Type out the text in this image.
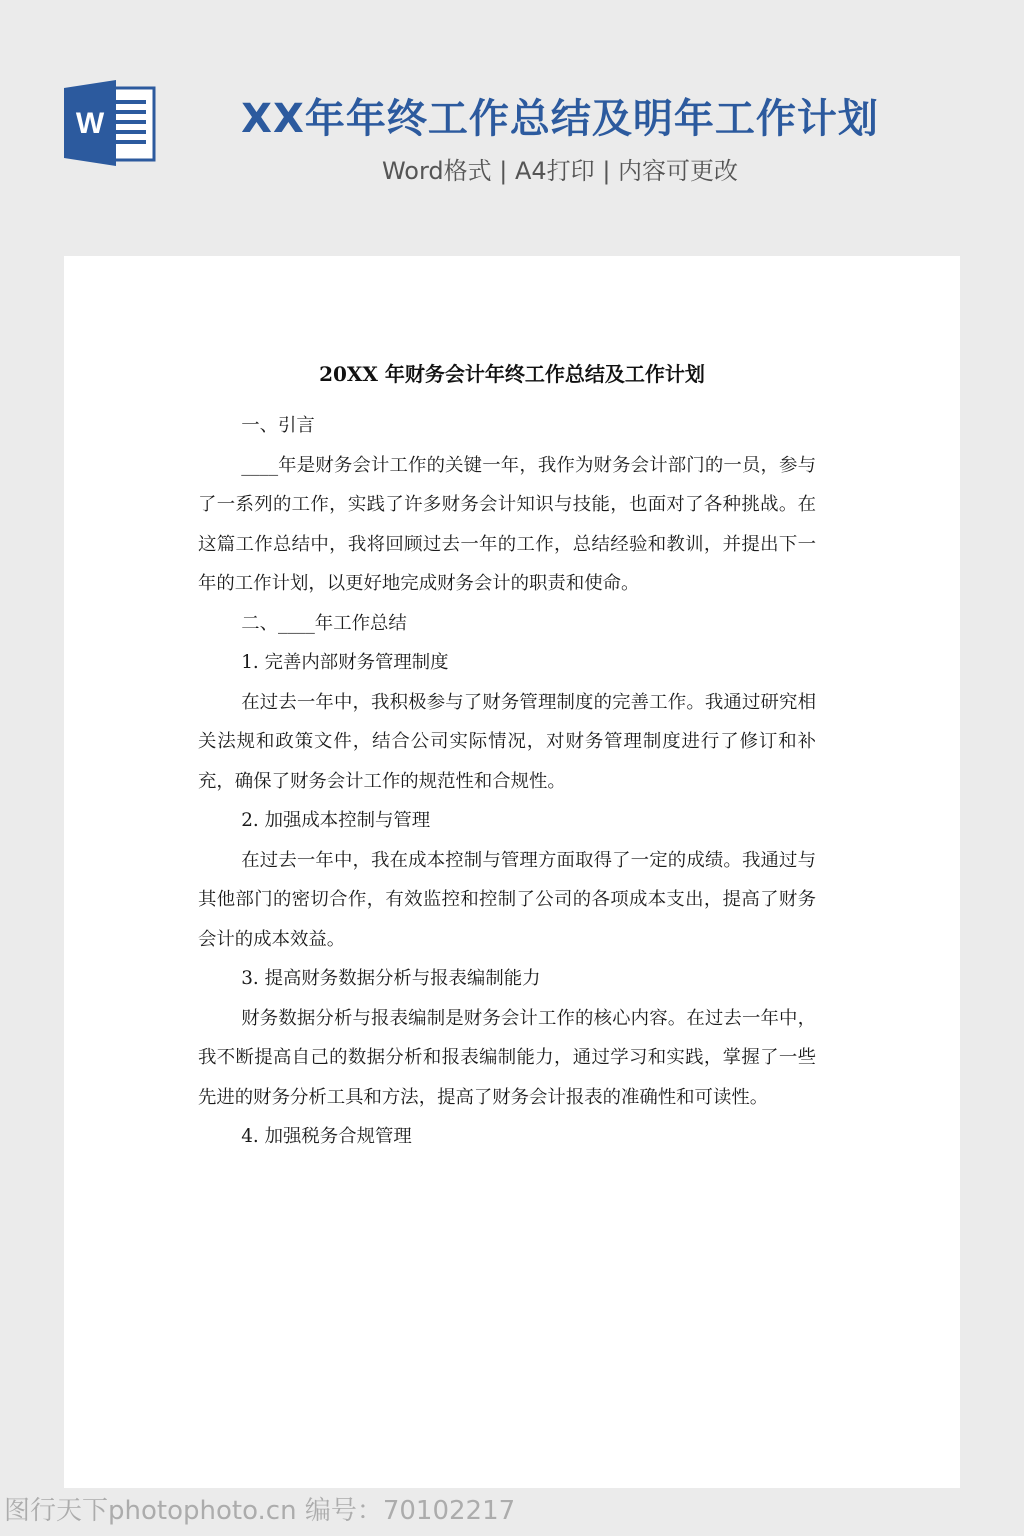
W	XX年年终工作总结及明年工作计划
Word格式 | A4打印 | 内容可更改
20XX 年财务会计年终工作总结及工作计划

一、引言

____年是财务会计工作的关键一年，我作为财务会计部门的一员，参与了一系列的工作，实践了许多财务会计知识与技能，也面对了各种挑战。在这篇工作总结中，我将回顾过去一年的工作，总结经验和教训，并提出下一年的工作计划，以更好地完成财务会计的职责和使命。

二、____年工作总结

1. 完善内部财务管理制度

在过去一年中，我积极参与了财务管理制度的完善工作。我通过研究相关法规和政策文件，结合公司实际情况，对财务管理制度进行了修订和补充，确保了财务会计工作的规范性和合规性。

2. 加强成本控制与管理

在过去一年中，我在成本控制与管理方面取得了一定的成绩。我通过与其他部门的密切合作，有效监控和控制了公司的各项成本支出，提高了财务会计的成本效益。

3. 提高财务数据分析与报表编制能力

财务数据分析与报表编制是财务会计工作的核心内容。在过去一年中，我不断提高自己的数据分析和报表编制能力，通过学习和实践，掌握了一些先进的财务分析工具和方法，提高了财务会计报表的准确性和可读性。

4. 加强税务合规管理

图行天下photophoto.cn 编号：70102217
